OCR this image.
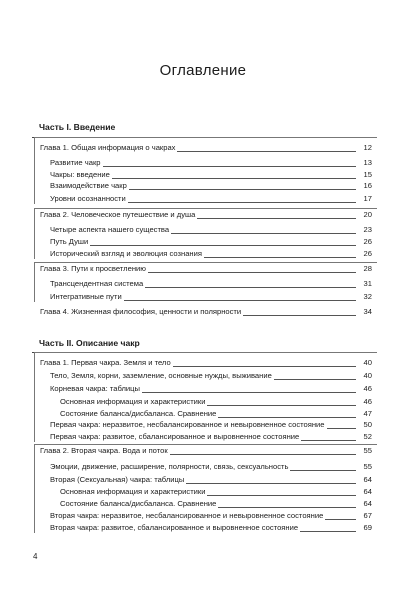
Оглавление
Часть I. Введение
Глава 1. Общая информация о чакрах	12
Развитие чакр	13
Чакры: введение	15
Взаимодействие чакр	16
Уровни осознанности	17
Глава 2. Человеческое путешествие и душа	20
Четыре аспекта нашего существа	23
Путь Души	26
Исторический взгляд и эволюция сознания	26
Глава 3. Пути к просветлению	28
Трансцендентная система	31
Интегративные пути	32
Глава 4. Жизненная философия, ценности и полярности	34
Часть II. Описание чакр
Глава 1. Первая чакра. Земля и тело	40
Тело, Земля, корни, заземление, основные нужды, выживание	40
Корневая чакра: таблицы	46
Основная информация и характеристики	46
Состояние баланса/дисбаланса. Сравнение	47
Первая чакра: неразвитое, несбалансированное и невыровненное состояние	50
Первая чакра: развитое, сбалансированное и выровненное состояние	52
Глава 2. Вторая чакра. Вода и поток	55
Эмоции, движение, расширение, полярности, связь, сексуальность	55
Вторая (Сексуальная) чакра: таблицы	64
Основная информация и характеристики	64
Состояние баланса/дисбаланса. Сравнение	64
Вторая чакра: неразвитое, несбалансированное и невыровненное состояние	67
Вторая чакра: развитое, сбалансированное и выровненное состояние	69
4
